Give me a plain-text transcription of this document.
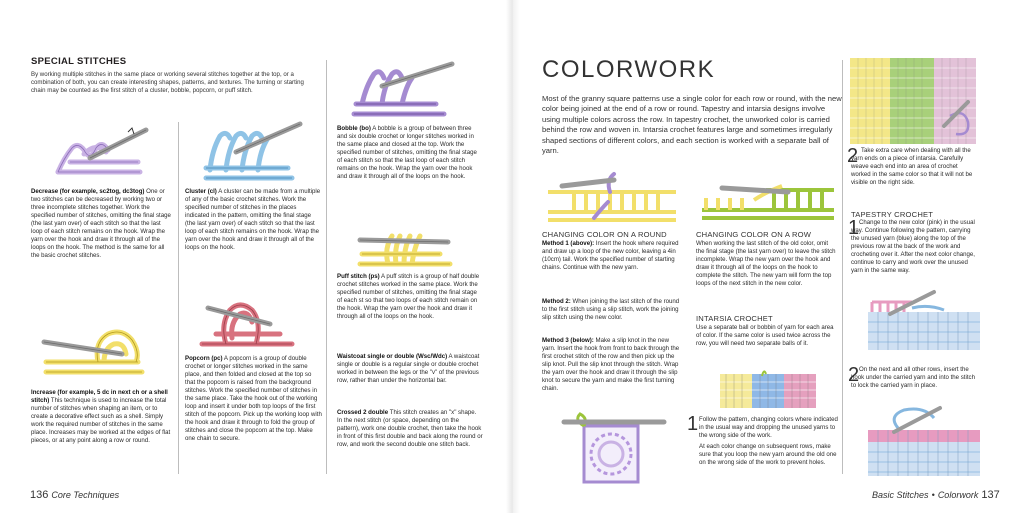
SPECIAL STITCHES
By working multiple stitches in the same place or working several stitches together at the top, or a combination of both, you can create interesting shapes, patterns, and textures. The turning or starting chain may be counted as the first stitch of a cluster, bobble, popcorn, or puff stitch.
Decrease (for example, sc2tog, dc3tog) One or two stitches can be decreased by working two or three incomplete stitches together. Work the specified number of stitches, omitting the final stage (the last yarn over) of each stitch so that the last loop of each stitch remains on the hook. Wrap the yarn over the hook and draw it through all of the loops on the hook. The method is the same for all the basic crochet stitches.
Cluster (cl) A cluster can be made from a multiple of any of the basic crochet stitches. Work the specified number of stitches in the places indicated in the pattern, omitting the final stage (the last yarn over) of each stitch so that the last loop of each stitch remains on the hook. Wrap the yarn over the hook and draw it through all of the loops on the hook.
Increase (for example, 5 dc in next ch or a shell stitch) This technique is used to increase the total number of stitches when shaping an item, or to create a decorative effect such as a shell. Simply work the required number of stitches in the same place. Increases may be worked at the edges of flat pieces, or at any point along a row or round.
Popcorn (pc) A popcorn is a group of double crochet or longer stitches worked in the same place, and then folded and closed at the top so that the popcorn is raised from the background stitches. Work the specified number of stitches in the same place. Take the hook out of the working loop and insert it under both top loops of the first stitch of the popcorn. Pick up the working loop with the hook and draw it through to fold the group of stitches and close the popcorn at the top. Make one chain to secure.
Bobble (bo) A bobble is a group of between three and six double crochet or longer stitches worked in the same place and closed at the top. Work the specified number of stitches, omitting the final stage of each stitch so that the last loop of each stitch remains on the hook. Wrap the yarn over the hook and draw it through all of the loops on the hook.
Puff stitch (ps) A puff stitch is a group of half double crochet stitches worked in the same place. Work the specified number of stitches, omitting the final stage of each st so that two loops of each stitch remain on the hook. Wrap the yarn over the hook and draw it through all of the loops on the hook.
Waistcoat single or double (Wsc/Wdc) A waistcoat single or double is a regular single or double crochet worked in between the legs or the "v" of the previous row, rather than under the horizontal bar.
Crossed 2 double This stitch creates an "x" shape. In the next stitch (or space, depending on the pattern), work one double crochet, then take the hook in front of this first double and back along the round or row, and work the second double one stitch back.
136 Core Techniques
COLORWORK
Most of the granny square patterns use a single color for each row or round, with the new color being joined at the end of a row or round. Tapestry and intarsia designs involve using multiple colors across the row. In tapestry crochet, the unworked color is carried behind the row and woven in. Intarsia crochet features large and sometimes irregularly shaped sections of different colors, and each section is worked with a separate ball of yarn.
CHANGING COLOR ON A ROUND
Method 1 (above): Insert the hook where required and draw up a loop of the new color, leaving a 4in (10cm) tail. Work the specified number of starting chains. Continue with the new yarn.
Method 2: When joining the last stitch of the round to the first stitch using a slip stitch, work the joining slip stitch using the new color.
Method 3 (below): Make a slip knot in the new yarn. Insert the hook from front to back through the first crochet stitch of the row and then pick up the slip knot. Pull the slip knot through the stitch. Wrap the yarn over the hook and draw it through the slip knot to secure the yarn and make the first turning chain.
CHANGING COLOR ON A ROW
When working the last stitch of the old color, omit the final stage (the last yarn over) to leave the stitch incomplete. Wrap the new yarn over the hook and draw it through all of the loops on the hook to complete the stitch. The new yarn will form the top loops of the next stitch in the new color.
INTARSIA CROCHET
Use a separate ball or bobbin of yarn for each area of color. If the same color is used twice across the row, you will need two separate balls of it.
1 Follow the pattern, changing colors where indicated in the usual way and dropping the unused yarns to the wrong side of the work.
At each color change on subsequent rows, make sure that you loop the new yarn around the old one on the wrong side of the work to prevent holes.
2 Take extra care when dealing with all the yarn ends on a piece of intarsia. Carefully weave each end into an area of crochet worked in the same color so that it will not be visible on the right side.
TAPESTRY CROCHET
1 Change to the new color (pink) in the usual way. Continue following the pattern, carrying the unused yarn (blue) along the top of the previous row at the back of the work and crocheting over it. After the next color change, continue to carry and work over the unused yarn in the same way.
2 On the next and all other rows, insert the hook under the carried yarn and into the stitch to lock the carried yarn in place.
Basic Stitches • Colorwork 137
